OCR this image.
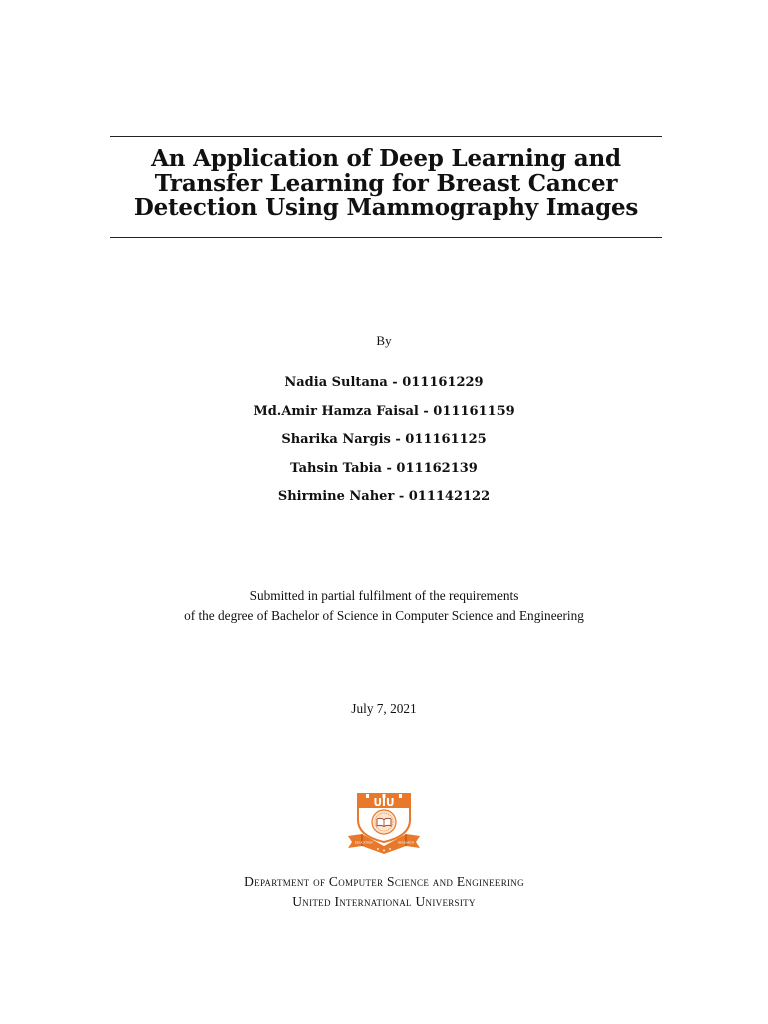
An Application of Deep Learning and
Transfer Learning for Breast Cancer
Detection Using Mammography Images
By
Nadia Sultana - 011161229
Md.Amir Hamza Faisal - 011161159
Sharika Nargis - 011161125
Tahsin Tabia - 011162139
Shirmine Naher - 011142122
Submitted in partial fulfilment of the requirements
of the degree of Bachelor of Science in Computer Science and Engineering
July 7, 2021
UIU
EDUCATION	RESEARCH
Department of Computer Science and Engineering
United International University
